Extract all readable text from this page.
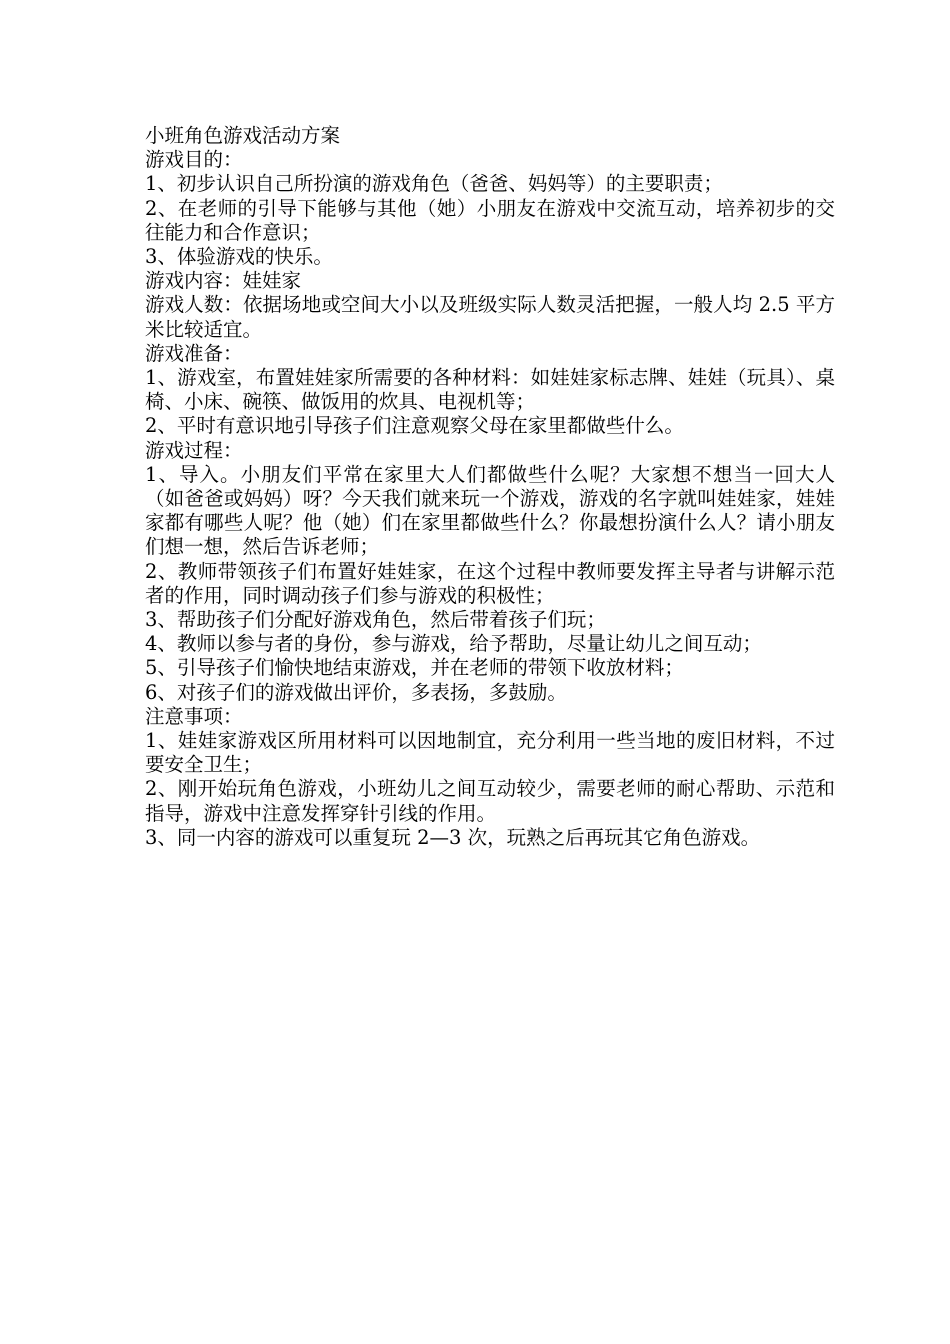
小班角色游戏活动方案
游戏目的：
1、初步认识自己所扮演的游戏角色（爸爸、妈妈等）的主要职责；
2、在老师的引导下能够与其他（她）小朋友在游戏中交流互动，培养初步的交往能力和合作意识；
3、体验游戏的快乐。
游戏内容：娃娃家
游戏人数：依据场地或空间大小以及班级实际人数灵活把握，一般人均 2.5 平方米比较适宜。
游戏准备：
1、游戏室，布置娃娃家所需要的各种材料：如娃娃家标志牌、娃娃（玩具）、桌椅、小床、碗筷、做饭用的炊具、电视机等；
2、平时有意识地引导孩子们注意观察父母在家里都做些什么。
游戏过程：
1、导入。小朋友们平常在家里大人们都做些什么呢？大家想不想当一回大人（如爸爸或妈妈）呀？今天我们就来玩一个游戏，游戏的名字就叫娃娃家，娃娃家都有哪些人呢？他（她）们在家里都做些什么？你最想扮演什么人？请小朋友们想一想，然后告诉老师；
2、教师带领孩子们布置好娃娃家，在这个过程中教师要发挥主导者与讲解示范者的作用，同时调动孩子们参与游戏的积极性；
3、帮助孩子们分配好游戏角色，然后带着孩子们玩；
4、教师以参与者的身份，参与游戏，给予帮助，尽量让幼儿之间互动；
5、引导孩子们愉快地结束游戏，并在老师的带领下收放材料；
6、对孩子们的游戏做出评价，多表扬，多鼓励。
注意事项：
1、娃娃家游戏区所用材料可以因地制宜，充分利用一些当地的废旧材料，不过要安全卫生；
2、刚开始玩角色游戏，小班幼儿之间互动较少，需要老师的耐心帮助、示范和指导，游戏中注意发挥穿针引线的作用。
3、同一内容的游戏可以重复玩 2—3 次，玩熟之后再玩其它角色游戏。
